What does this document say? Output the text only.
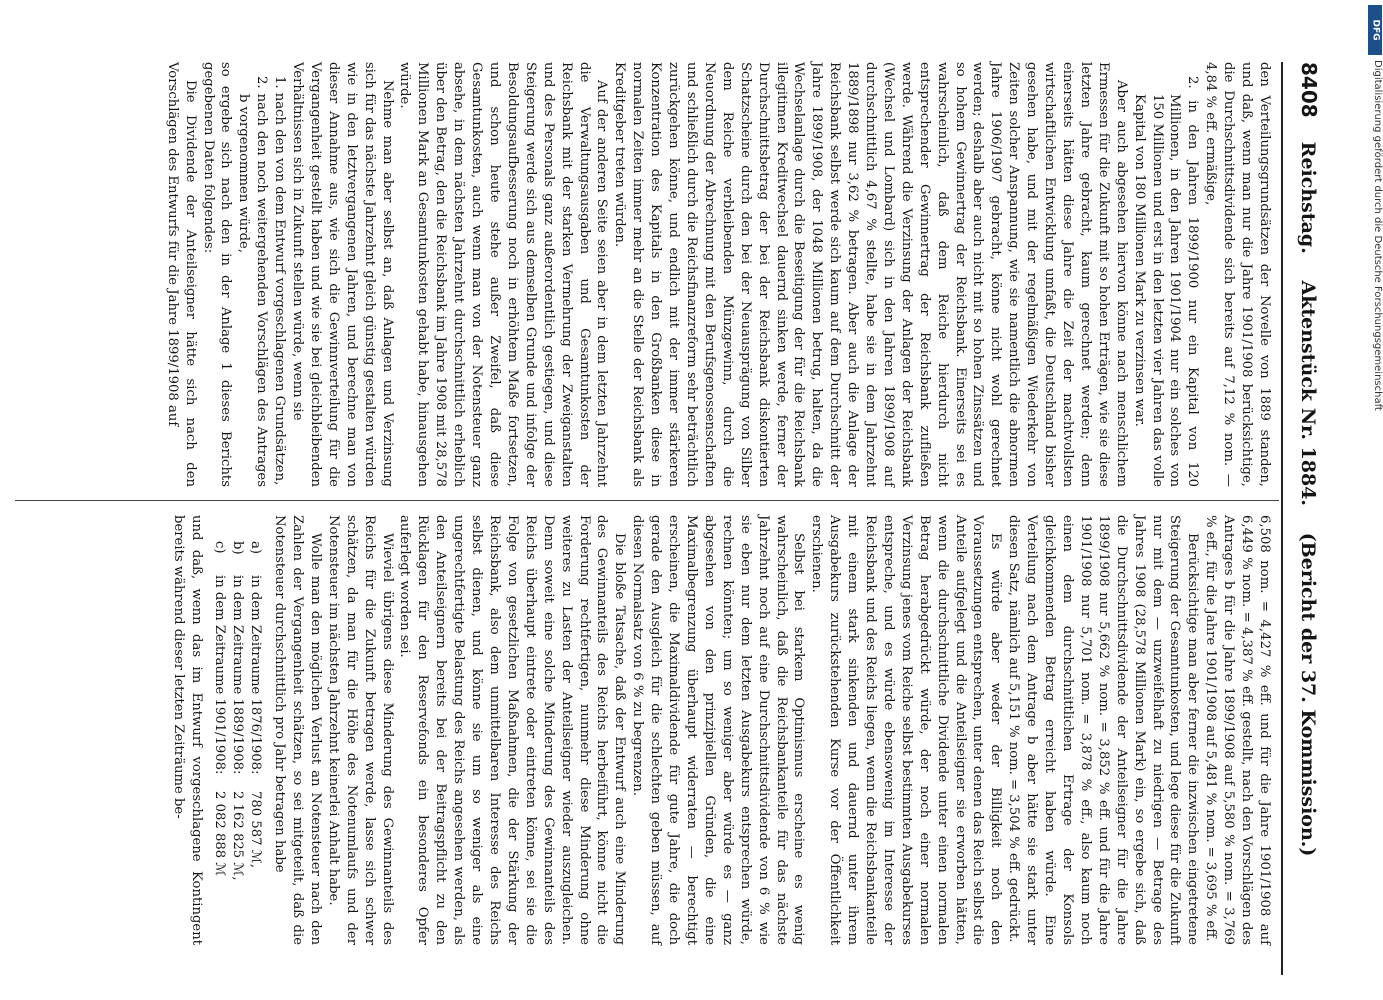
8408
Reichstag. Aktenstück Nr. 1884. (Bericht der 37. Kommission.)

den Verteilungsgrundsätzen der Novelle von 1889 standen, und daß, wenn man nur die Jahre 1901/1908 berücksichtige, die Durchschnittsdividende sich bereits auf 7,12 % nom. — 4,84 % eff. ermäßige,

2. in den Jahren 1899/1900 nur ein Kapital von 120 Millionen, in den Jahren 1901/1904 nur ein solches von 150 Millionen und erst in den letzten vier Jahren das volle Kapital von 180 Millionen Mark zu verzinsen war.

Aber auch abgesehen hiervon könne nach menschlichem Ermessen für die Zukunft mit so hohen Erträgen, wie sie diese letzten Jahre gebracht, kaum gerechnet werden; denn einerseits hätten diese Jahre die Zeit der machtvollsten wirtschaftlichen Entwicklung umfaßt, die Deutschland bisher gesehen habe, und mit der regelmäßigen Wiederkehr von Zeiten solcher Anspannung, wie sie namentlich die abnormen Jahre 1906/1907 gebracht, könne nicht wohl gerechnet werden; deshalb aber auch nicht mit so hohen Zinssätzen und so hohem Gewinnertrag der Reichsbank. Einerseits sei es wahrscheinlich, daß dem Reiche hierdurch nicht entsprechender Gewinnertrag der Reichsbank zufließen werde. Während die Verzinsung der Anlagen der Reichsbank (Wechsel und Lombard) sich in den Jahren 1899/1908 auf durchschnittlich 4,67 % stellte, habe sie in dem Jahrzehnt 1889/1898 nur 3,62 % betragen. Aber auch die Anlage der Reichsbank selbst werde sich kaum auf dem Durchschnitt der Jahre 1899/1908, der 1048 Millionen betrug, halten, da die Wechselanlage durch die Beseitigung der für die Reichsbank illegitimen Kreditwechsel dauernd sinken werde, ferner der Durchschnittsbetrag der bei der Reichsbank diskontierten Schatzscheine durch den bei der Neuausprägung von Silber dem Reiche verbleibenden Münzgewinn, durch die Neuordnung der Abrechnung mit den Berufsgenossenschaften und schließlich durch die Reichsfinanzreform sehr beträchtlich zurückgehen könne, und endlich mit der immer stärkeren Konzentration des Kapitals in den Großbanken diese in normalen Zeiten immer mehr an die Stelle der Reichsbank als Kreditgeber treten würden.

Auf der anderen Seite seien aber in dem letzten Jahrzehnt die Verwaltungsausgaben und Gesamtunkosten der Reichsbank mit der starken Vermehrung der Zweiganstalten und des Personals ganz außerordentlich gestiegen, und diese Steigerung werde sich aus demselben Grunde und infolge der Besoldungsaufbesserung noch in erhöhtem Maße fortsetzen, und schon heute stehe außer Zweifel, daß diese Gesamtunkosten, auch wenn man von der Notensteuer ganz absehe, in dem nächsten Jahrzehnt durchschnittlich erheblich über den Betrag, den die Reichsbank im Jahre 1908 mit 28,578 Millionen Mark an Gesamtunkosten gehabt habe, hinausgehen würde.

Nehme man aber selbst an, daß Anlagen und Verzinsung sich für das nächste Jahrzehnt gleich günstig gestalten würden wie in den letztvergangenen Jahren, und berechne man von dieser Annahme aus, wie sich die Gewinnverteilung für die Vergangenheit gestellt haben und wie sie bei gleichbleibenden Verhältnissen sich in Zukunft stellen würde, wenn sie

1. nach den von dem Entwurf vorgeschlagenen Grundsätzen,

2. nach den noch weitergehenden Vorschlägen des Antrages b vorgenommen würde,

so ergebe sich nach den in der Anlage 1 dieses Berichts gegebenen Daten folgendes:

Die Dividende der Anteilseigner hätte sich nach den Vorschlägen des Entwurfs für die Jahre 1899/1908 auf

6,508 nom. = 4,427 % eff. und für die Jahre 1901/1908 auf 6,449 % nom. = 4,387 % eff. gestellt, nach den Vorschlägen des Antrages b für die Jahre 1899/1908 auf 5,580 % nom. = 3,769 % eff., für die Jahre 1901/1908 auf 5,481 % nom. = 3,695 % eff.

Berücksichtige man aber ferner die inzwischen eingetretene Steigerung der Gesamtunkosten, und lege diese für die Zukunft nur mit dem — unzweifelhaft zu niedrigen — Betrage des Jahres 1908 (28,578 Millionen Mark) ein, so ergebe sich, daß die Durchschnittsdividende der Anteilseigner für die Jahre 1899/1908 nur 5,662 % nom. = 3,852 % eff. und für die Jahre 1901/1908 nur 5,701 nom. = 3,878 % eff., also kaum noch einen dem durchschnittlichen Ertrage der Konsols gleichkommenden Betrag erreicht haben würde. Eine Verteilung nach dem Antrage b aber hätte sie stark unter diesen Satz, nämlich auf 5,151 % nom. = 3,504 % eff. gedrückt.

Es würde aber weder der Billigkeit noch den Voraussetzungen entsprechen, unter denen das Reich selbst die Anteile aufgelegt und die Anteilseigner sie erworben hätten, wenn die durchschnittliche Dividende unter einen normalen Betrag herabgedrückt würde, der noch einer normalen Verzinsung jenes vom Reiche selbst bestimmten Ausgabekurses entspreche, und es würde ebensowenig im Interesse der Reichsbank und des Reichs liegen, wenn die Reichsbankanteile mit einem stark sinkenden und dauernd unter ihrem Ausgabekurs zurückstehenden Kurse vor der Öffentlichkeit erschienen.

Selbst bei starkem Optimismus erscheine es wenig wahrscheinlich, daß die Reichsbankanteile für das nächste Jahrzehnt noch auf eine Durchschnittsdividende von 6 % wie sie eben nur dem letzten Ausgabekurs entsprechen würde, rechnen könnten; um so weniger aber würde es — ganz abgesehen von den prinzipiellen Gründen, die eine Maximalbegrenzung überhaupt widerraten — berechtigt erscheinen, die Maximaldividende für gute Jahre, die doch gerade den Ausgleich für die schlechten geben müssen, auf diesen Normalsatz von 6 % zu begrenzen.

Die bloße Tatsache, daß der Entwurf auch eine Minderung des Gewinnanteils des Reichs herbeiführt, könne nicht die Forderung rechtfertigen, nunmehr diese Minderung ohne weiteres zu Lasten der Anteilseigner wieder auszugleichen. Denn soweit eine solche Minderung des Gewinnanteils des Reichs überhaupt eintrete oder eintreten könne, sei sie die Folge von gesetzlichen Maßnahmen, die der Stärkung der Reichsbank, also dem unmittelbaren Interesse des Reichs selbst dienen, und könne sie um so weniger als eine ungerechtfertigte Belastung des Reichs angesehen werden, als den Anteilseignern bereits bei der Beitragspflicht zu den Rücklagen für den Reservefonds ein besonderes Opfer auferlegt worden sei.

Wieviel übrigens diese Minderung des Gewinnanteils des Reichs für die Zukunft betragen werde, lasse sich schwer schätzen, da man für die Höhe des Notenumlaufs und der Notensteuer im nächsten Jahrzehnt keinerlei Anhalt habe.

Wolle man den möglichen Verlust an Notensteuer nach den Zahlen der Vergangenheit schätzen, so sei mitgeteilt, daß die Notensteuer durchschnittlich pro Jahr betragen habe

a)
in dem Zeitraume 1876/1908:
780 587 ℳ,
b)
in dem Zeitraume 1889/1908:
2 162 825 ℳ,
c)
in dem Zeitraume 1901/1908:
2 082 888 ℳ

und daß, wenn das im Entwurf vorgeschlagene Kontingent bereits während dieser letzten Zeiträume be-

DFG
Digitalisierung gefördert durch die Deutsche Forschungsgemeinschaft
